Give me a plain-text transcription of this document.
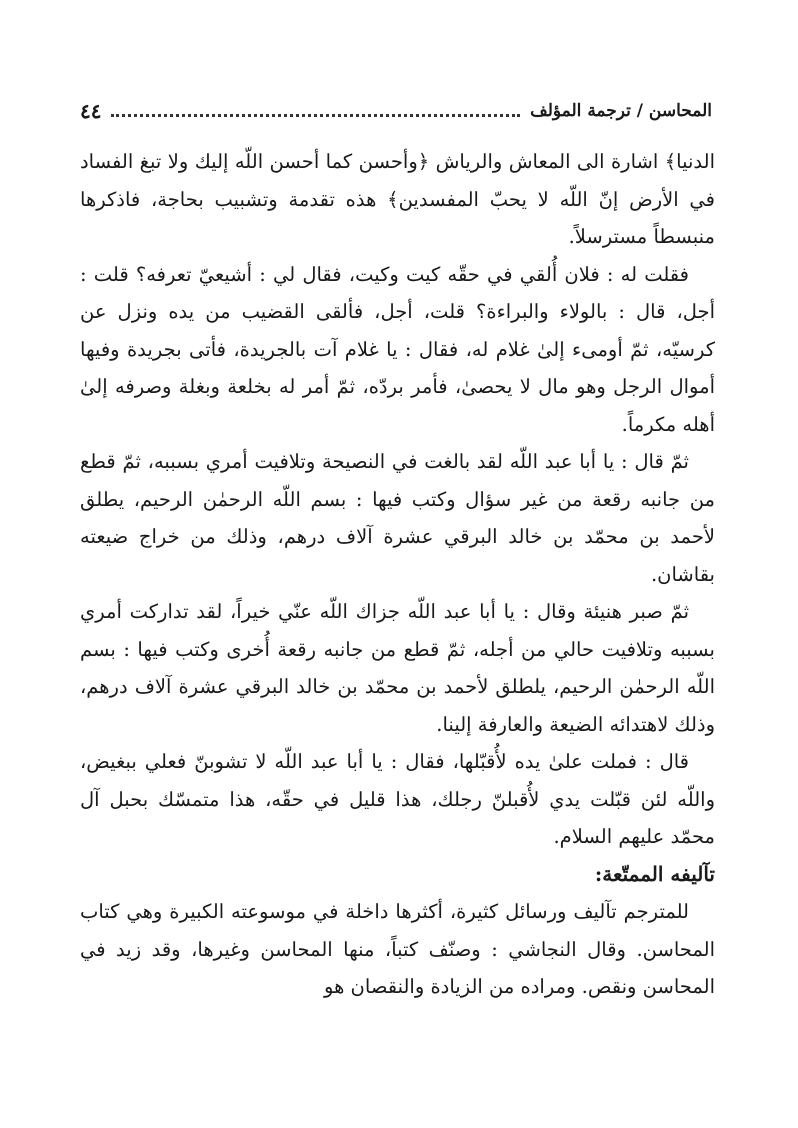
المحاسن / ترجمة المؤلف
٤٤

الدنيا﴾ اشارة الى المعاش والرياش ﴿وأحسن كما أحسن اللّه إليك ولا تبغ الفساد في الأرض إنّ اللّه لا يحبّ المفسدين﴾ هذه تقدمة وتشبيب بحاجة، فاذكرها منبسطاً مسترسلاً.

فقلت له : فلان أُلقي في حقّه كيت وكيت، فقال لي : أشيعيّ تعرفه؟ قلت : أجل، قال : بالولاء والبراءة؟ قلت، أجل، فألقى القضيب من يده ونزل عن كرسيّه، ثمّ أومىء إلىٰ غلام له، فقال : يا غلام آت بالجريدة، فأتى بجريدة وفيها أموال الرجل وهو مال لا يحصىٰ، فأمر بردّه، ثمّ أمر له بخلعة وبغلة وصرفه إلىٰ أهله مكرماً.

ثمّ قال : يا أبا عبد اللّه لقد بالغت في النصيحة وتلافيت أمري بسببه، ثمّ قطع من جانبه رقعة من غير سؤال وكتب فيها : بسم اللّه الرحمٰن الرحيم، يطلق لأحمد بن محمّد بن خالد البرقي عشرة آلاف درهم، وذلك من خراج ضيعته بقاشان.

ثمّ صبر هنيئة وقال : يا أبا عبد اللّه جزاك اللّه عنّي خيراً، لقد تداركت أمري بسببه وتلافيت حالي من أجله، ثمّ قطع من جانبه رقعة أُخرى وكتب فيها : بسم اللّه الرحمٰن الرحيم، يلطلق لأحمد بن محمّد بن خالد البرقي عشرة آلاف درهم، وذلك لاهتدائه الضيعة والعارفة إلينا.

قال : فملت علىٰ يده لأُقبّلها، فقال : يا أبا عبد اللّه لا تشوبنّ فعلي ببغيض، واللّه لئن قبّلت يدي لأُقبلنّ رجلك، هذا قليل في حقّه، هذا متمسّك بحبل آل محمّد عليهم السلام.

تآليفه الممتّعة:

للمترجم تآليف ورسائل كثيرة، أكثرها داخلة في موسوعته الكبيرة وهي كتاب المحاسن. وقال النجاشي : وصنّف كتباً، منها المحاسن وغيرها، وقد زيد في المحاسن ونقص. ومراده من الزيادة والنقصان هو
